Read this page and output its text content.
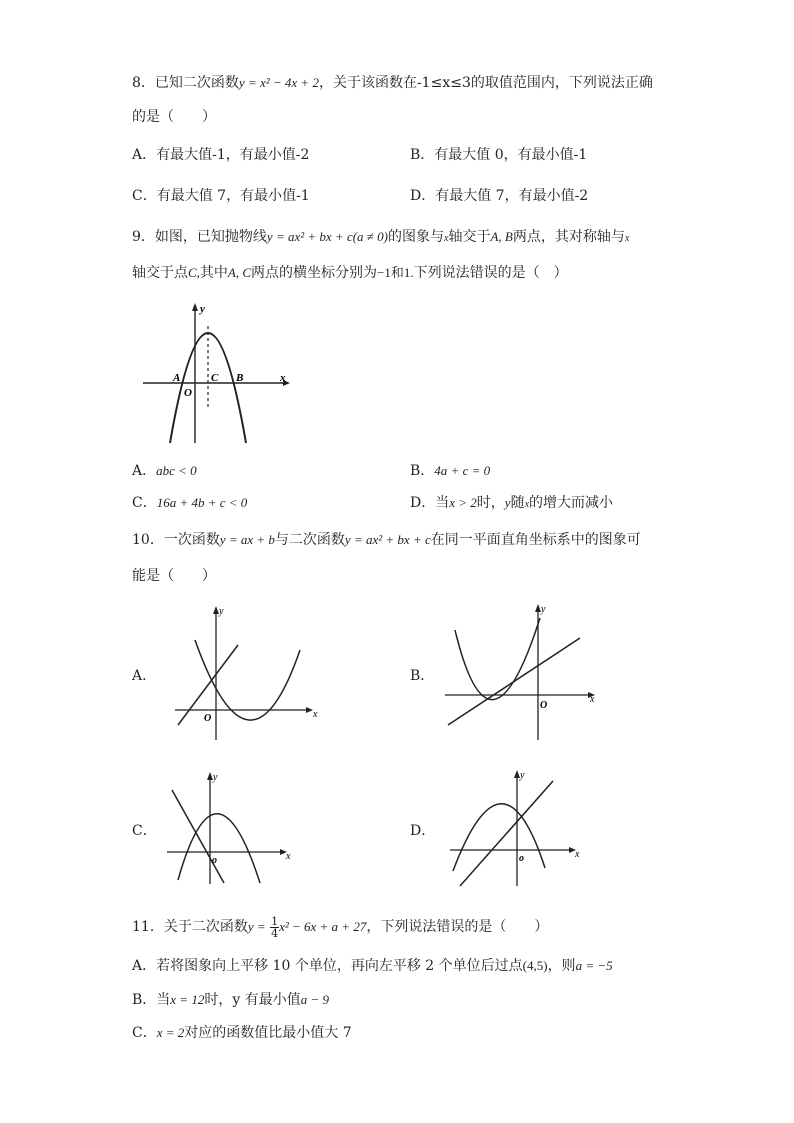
8．已知二次函数y = x² − 4x + 2，关于该函数在-1≤x≤3的取值范围内，下列说法正确
的是（　　）
A．有最大值-1，有最小值-2	B．有最大值 0，有最小值-1
C．有最大值 7，有最小值-1	D．有最大值 7，有最小值-2
9．如图，已知抛物线y = ax² + bx + c(a ≠ 0)的图象与x轴交于A, B两点，其对称轴与x
轴交于点C,其中A, C两点的横坐标分别为−1和1.下列说法错误的是（　）
y
x
A
O
C B
A．abc < 0	B．4a + c = 0
C．16a + 4b + c < 0	D．当x > 2时，y随x的增大而减小
10．一次函数y = ax + b与二次函数y = ax² + bx + c在同一平面直角坐标系中的图象可
能是（　　）
A．
y
x
O
B．
y
x
O
C．
y
x
o
D．
y
x
o
11．关于二次函数$y = \frac{1}{4} x^2 - 6x + a + 27$，下列说法错误的是（　　）
A．若将图象向上平移 10 个单位，再向左平移 2 个单位后过点(4,5)，则a = −5
B．当x = 12时，y 有最小值a − 9
C．x = 2对应的函数值比最小值大 7
